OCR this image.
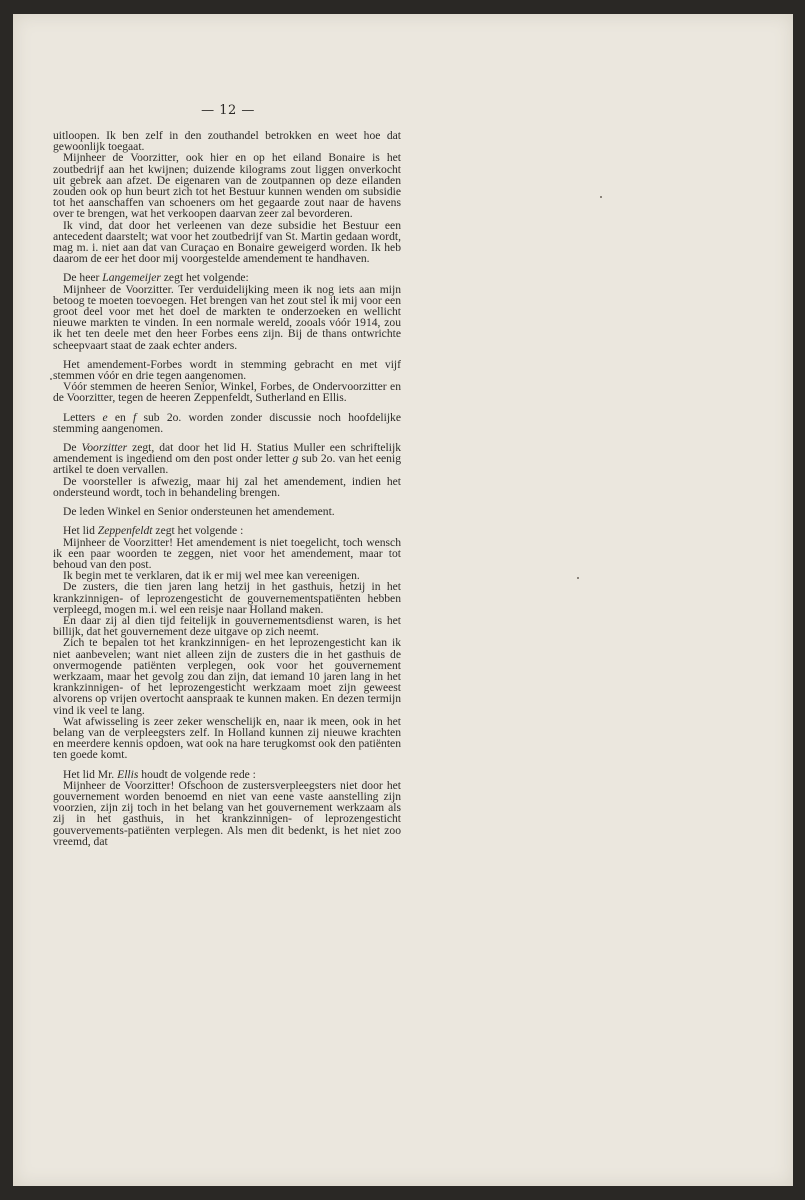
— 12 —

uitloopen. Ik ben zelf in den zouthandel betrokken en weet hoe dat gewoonlijk toegaat.

Mijnheer de Voorzitter, ook hier en op het eiland Bonaire is het zoutbedrijf aan het kwijnen; duizende kilograms zout liggen onverkocht uit gebrek aan afzet. De eigenaren van de zoutpannen op deze eilanden zouden ook op hun beurt zich tot het Bestuur kunnen wenden om subsidie tot het aanschaffen van schoeners om het gegaarde zout naar de havens over te brengen, wat het verkoopen daarvan zeer zal bevorderen.

Ik vind, dat door het verleenen van deze subsidie het Bestuur een antecedent daarstelt; wat voor het zoutbedrijf van St. Martin gedaan wordt, mag m. i. niet aan dat van Curaçao en Bonaire geweigerd worden. Ik heb daarom de eer het door mij voorgestelde amendement te handhaven.

De heer Langemeijer zegt het volgende:

Mijnheer de Voorzitter. Ter verduidelijking meen ik nog iets aan mijn betoog te moeten toevoegen. Het brengen van het zout stel ik mij voor een groot deel voor met het doel de markten te onderzoeken en wellicht nieuwe markten te vinden. In een normale wereld, zooals vóór 1914, zou ik het ten deele met den heer Forbes eens zijn. Bij de thans ontwrichte scheepvaart staat de zaak echter anders.

Het amendement-Forbes wordt in stemming gebracht en met vijf stemmen vóór en drie tegen aangenomen.

Vóór stemmen de heeren Senior, Winkel, Forbes, de Ondervoorzitter en de Voorzitter, tegen de heeren Zeppenfeldt, Sutherland en Ellis.

Letters e en f sub 2o. worden zonder discussie noch hoofdelijke stemming aangenomen.

De Voorzitter zegt, dat door het lid H. Statius Muller een schriftelijk amendement is ingediend om den post onder letter g sub 2o. van het eenig artikel te doen vervallen.

De voorsteller is afwezig, maar hij zal het amendement, indien het ondersteund wordt, toch in behandeling brengen.

De leden Winkel en Senior ondersteunen het amendement.

Het lid Zeppenfeldt zegt het volgende :

Mijnheer de Voorzitter! Het amendement is niet toegelicht, toch wensch ik een paar woorden te zeggen, niet voor het amendement, maar tot behoud van den post.

Ik begin met te verklaren, dat ik er mij wel mee kan vereenigen.

De zusters, die tien jaren lang hetzij in het gasthuis, hetzij in het krankzinnigen- of leprozengesticht de gouvernementspatiënten hebben verpleegd, mogen m.i. wel een reisje naar Holland maken.

En daar zij al dien tijd feitelijk in gouvernementsdienst waren, is het billijk, dat het gouvernement deze uitgave op zich neemt.

Zich te bepalen tot het krankzinnigen- en het leprozengesticht kan ik niet aanbevelen; want niet alleen zijn de zusters die in het gasthuis de onvermogende patiënten verplegen, ook voor het gouvernement werkzaam, maar het gevolg zou dan zijn, dat iemand 10 jaren lang in het krankzinnigen- of het leprozengesticht werkzaam moet zijn geweest alvorens op vrijen overtocht aanspraak te kunnen maken. En dezen termijn vind ik veel te lang.

Wat afwisseling is zeer zeker wenschelijk en, naar ik meen, ook in het belang van de verpleegsters zelf. In Holland kunnen zij nieuwe krachten en meerdere kennis opdoen, wat ook na hare terugkomst ook den patiënten ten goede komt.

Het lid Mr. Ellis houdt de volgende rede :

Mijnheer de Voorzitter! Ofschoon de zustersverpleegsters niet door het gouvernement worden benoemd en niet van eene vaste aanstelling zijn voorzien, zijn zij toch in het belang van het gouvernement werkzaam als zij in het gasthuis, in het krankzinnigen- of leprozengesticht gouvervements-patiënten verplegen. Als men dit bedenkt, is het niet zoo vreemd, dat
